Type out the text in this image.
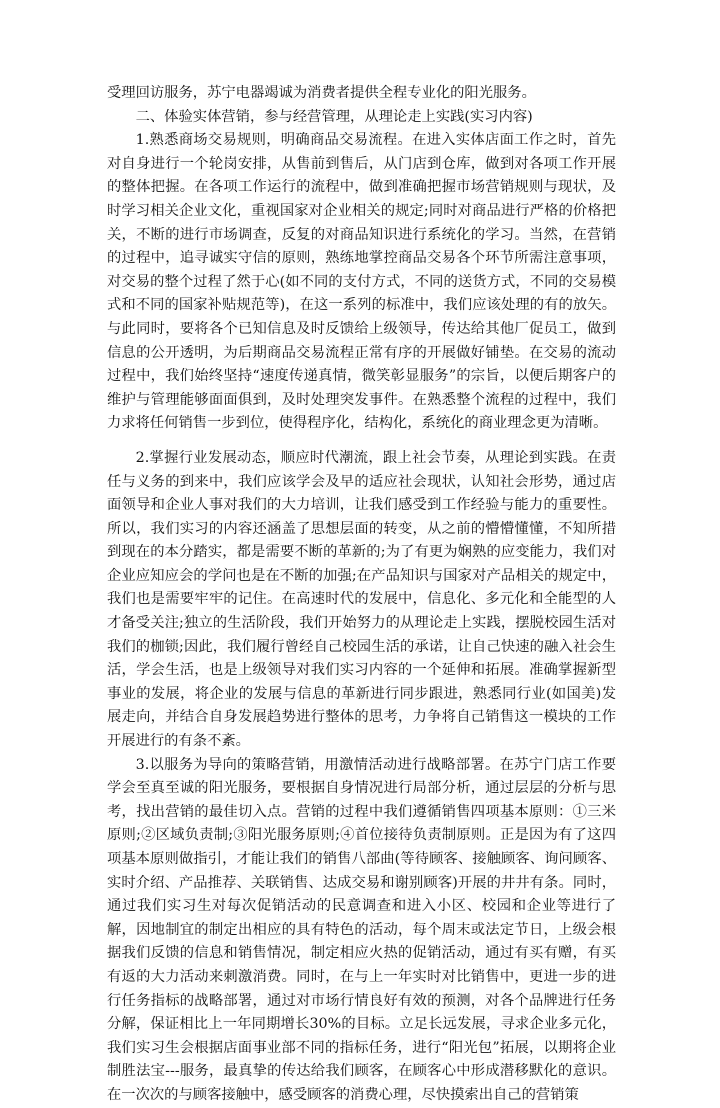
受理回访服务，苏宁电器竭诚为消费者提供全程专业化的阳光服务。

二、体验实体营销，参与经营管理，从理论走上实践(实习内容)

1.熟悉商场交易规则，明确商品交易流程。在进入实体店面工作之时，首先对自身进行一个轮岗安排，从售前到售后，从门店到仓库，做到对各项工作开展的整体把握。在各项工作运行的流程中，做到准确把握市场营销规则与现状，及时学习相关企业文化，重视国家对企业相关的规定;同时对商品进行严格的价格把关，不断的进行市场调查，反复的对商品知识进行系统化的学习。当然，在营销的过程中，追寻诚实守信的原则，熟练地掌控商品交易各个环节所需注意事项，对交易的整个过程了然于心(如不同的支付方式，不同的送货方式，不同的交易模式和不同的国家补贴规范等)，在这一系列的标准中，我们应该处理的有的放矢。与此同时，要将各个已知信息及时反馈给上级领导，传达给其他厂促员工，做到信息的公开透明，为后期商品交易流程正常有序的开展做好铺垫。在交易的流动过程中，我们始终坚持“速度传递真情，微笑彰显服务”的宗旨，以便后期客户的维护与管理能够面面俱到，及时处理突发事件。在熟悉整个流程的过程中，我们力求将任何销售一步到位，使得程序化，结构化，系统化的商业理念更为清晰。

2.掌握行业发展动态，顺应时代潮流，跟上社会节奏，从理论到实践。在责任与义务的到来中，我们应该学会及早的适应社会现状，认知社会形势，通过店面领导和企业人事对我们的大力培训，让我们感受到工作经验与能力的重要性。所以，我们实习的内容还涵盖了思想层面的转变，从之前的懵懵懂懂，不知所措到现在的本分踏实，都是需要不断的革新的;为了有更为娴熟的应变能力，我们对企业应知应会的学问也是在不断的加强;在产品知识与国家对产品相关的规定中，我们也是需要牢牢的记住。在高速时代的发展中，信息化、多元化和全能型的人才备受关注;独立的生活阶段，我们开始努力的从理论走上实践，摆脱校园生活对我们的枷锁;因此，我们履行曾经自己校园生活的承诺，让自己快速的融入社会生活，学会生活，也是上级领导对我们实习内容的一个延伸和拓展。准确掌握新型事业的发展，将企业的发展与信息的革新进行同步跟进，熟悉同行业(如国美)发展走向，并结合自身发展趋势进行整体的思考，力争将自己销售这一模块的工作开展进行的有条不紊。

3.以服务为导向的策略营销，用激情活动进行战略部署。在苏宁门店工作要学会至真至诚的阳光服务，要根据自身情况进行局部分析，通过层层的分析与思考，找出营销的最佳切入点。营销的过程中我们遵循销售四项基本原则：①三米原则;②区域负责制;③阳光服务原则;④首位接待负责制原则。正是因为有了这四项基本原则做指引，才能让我们的销售八部曲(等待顾客、接触顾客、询问顾客、实时介绍、产品推荐、关联销售、达成交易和谢别顾客)开展的井井有条。同时，通过我们实习生对每次促销活动的民意调查和进入小区、校园和企业等进行了解，因地制宜的制定出相应的具有特色的活动，每个周末或法定节日，上级会根据我们反馈的信息和销售情况，制定相应火热的促销活动，通过有买有赠，有买有返的大力活动来刺激消费。同时，在与上一年实时对比销售中，更进一步的进行任务指标的战略部署，通过对市场行情良好有效的预测，对各个品牌进行任务分解，保证相比上一年同期增长30%的目标。立足长远发展，寻求企业多元化，我们实习生会根据店面事业部不同的指标任务，进行“阳光包”拓展，以期将企业制胜法宝---服务，最真挚的传达给我们顾客，在顾客心中形成潜移默化的意识。在一次次的与顾客接触中，感受顾客的消费心理，尽快摸索出自己的营销策
